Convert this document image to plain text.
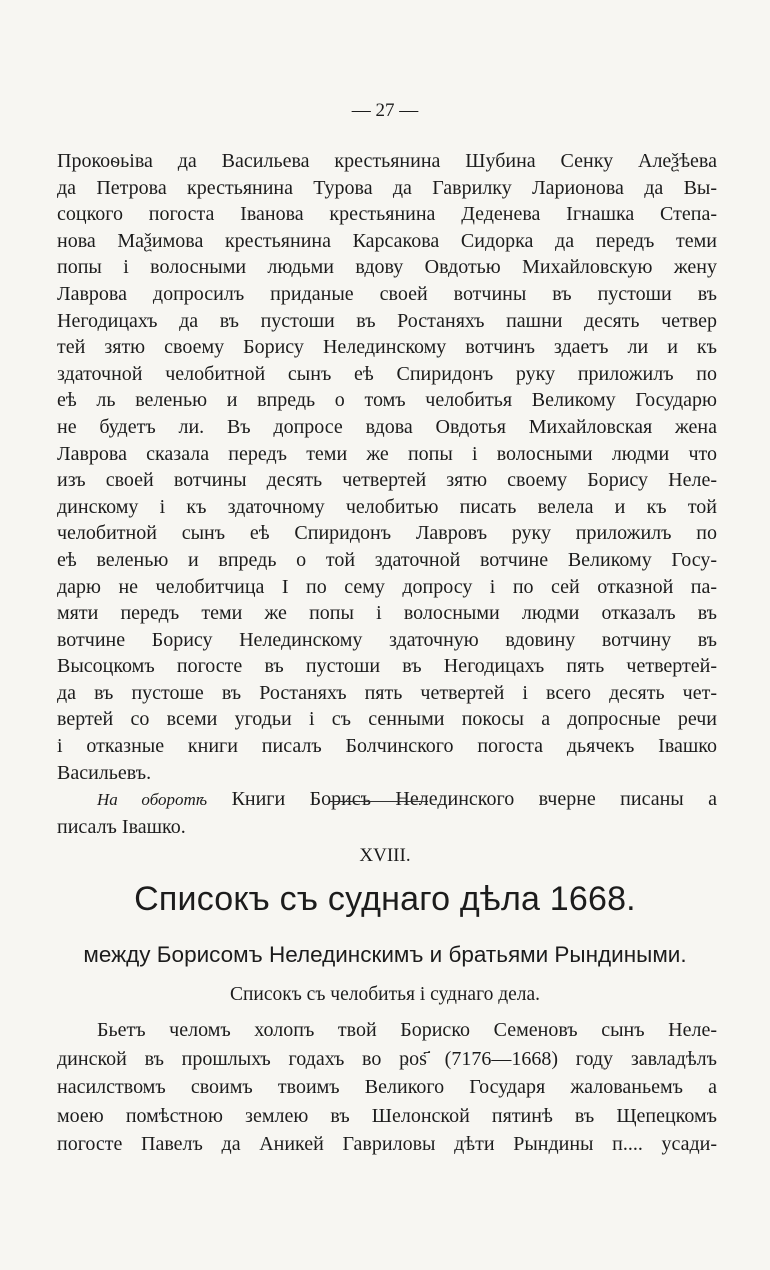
— 27 —
Прокоѳьіва да Васильева крестьянина Шубина Сенку Алеѯѣева
да Петрова крестьянина Турова да Гаврилку Ларионова да Вы-
соцкого погоста Іванова крестьянина Деденева Ігнашка Степа-
нова Маѯимова крестьянина Карсакова Сидорка да передъ теми
попы і волосными людьми вдову Овдотью Михайловскую жену
Лаврова допросилъ приданые своей вотчины въ пустоши въ
Негодицахъ да въ пустоши въ Ростаняхъ пашни десять четвер
тей зятю своему Борису Нелединскому вотчинъ здаетъ ли и къ
здаточной челобитной сынъ еѣ Спиридонъ руку приложилъ по
еѣ ль веленью и впредь о томъ челобитья Великому Государю
не будетъ ли. Въ допросе вдова Овдотья Михайловская жена
Лаврова сказала передъ теми же попы і волосными людми что
изъ своей вотчины десять четвертей зятю своему Борису Неле-
динскому і къ здаточному челобитью писать велела и къ той
челобитной сынъ еѣ Спиридонъ Лавровъ руку приложилъ по
еѣ веленью и впредь о той здаточной вотчине Великому Госу-
дарю не челобитчица І по сему допросу і по сей отказной па-
мяти передъ теми же попы і волосными людми отказалъ въ
вотчине Борису Нелединскому здаточную вдовину вотчину въ
Высоцкомъ погосте въ пустоши въ Негодицахъ пять четвертей-
да въ пустоше въ Ростаняхъ пять четвертей і всего десять чет-
вертей со всеми угодьи і съ сенными покосы а допросные речи
і отказные книги писалъ Болчинского погоста дьячекъ Івашко
Васильевъ.
На оборотѣ Книги Борисъ Нелединского вчерне писаны а
писалъ Івашко.
XVIII.
Списокъ съ суднаго дѣла 1668.
между Борисомъ Нелединскимъ и братьями Рындиными.
Списокъ съ челобитья і суднаго дела.
Бьетъ челомъ холопъ твой Бориско Семеновъ сынъ Неле-
динской въ прошлыхъ годахъ во ҏоѕ҃ (7176—1668) году завладѣлъ
насилствомъ своимъ твоимъ Великого Государя жалованьемъ а
моею помѣстною землею въ Шелонской пятинѣ въ Щепецкомъ
погосте Павелъ да Аникей Гавриловы дѣти Рындины п.... усади-
